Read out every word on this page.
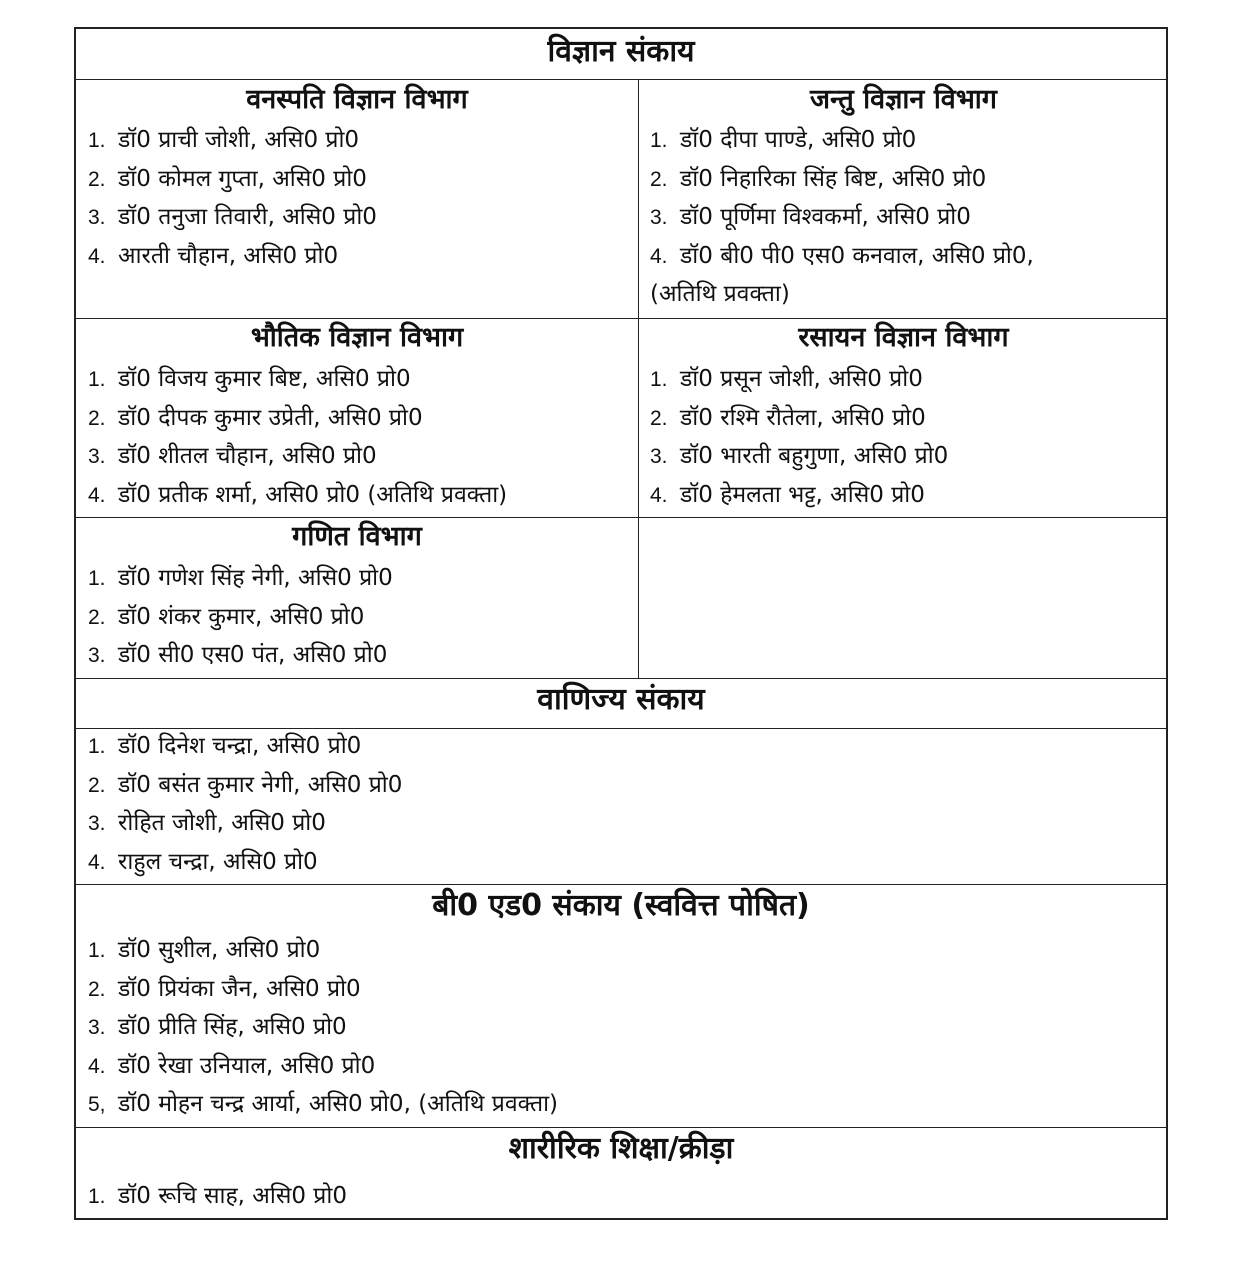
विज्ञान संकाय
वनस्पति विज्ञान विभाग
1. डॉ0 प्राची जोशी, असि0 प्रो0
2. डॉ0 कोमल गुप्ता, असि0 प्रो0
3. डॉ0 तनुजा तिवारी, असि0 प्रो0
4. आरती चौहान, असि0 प्रो0
जन्तु विज्ञान विभाग
1. डॉ0 दीपा पाण्डे, असि0 प्रो0
2. डॉ0 निहारिका सिंह बिष्ट, असि0 प्रो0
3. डॉ0 पूर्णिमा विश्वकर्मा, असि0 प्रो0
4. डॉ0 बी0 पी0 एस0 कनवाल, असि0 प्रो0,
(अतिथि प्रवक्ता)
भौतिक विज्ञान विभाग
1. डॉ0 विजय कुमार बिष्ट, असि0 प्रो0
2. डॉ0 दीपक कुमार उप्रेती, असि0 प्रो0
3. डॉ0 शीतल चौहान, असि0 प्रो0
4. डॉ0 प्रतीक शर्मा, असि0 प्रो0 (अतिथि प्रवक्ता)
रसायन विज्ञान विभाग
1. डॉ0 प्रसून जोशी, असि0 प्रो0
2. डॉ0 रश्मि रौतेला, असि0 प्रो0
3. डॉ0 भारती बहुगुणा, असि0 प्रो0
4. डॉ0 हेमलता भट्ट, असि0 प्रो0
गणित विभाग
1. डॉ0 गणेश सिंह नेगी, असि0 प्रो0
2. डॉ0 शंकर कुमार, असि0 प्रो0
3. डॉ0 सी0 एस0 पंत, असि0 प्रो0
वाणिज्य संकाय
1. डॉ0 दिनेश चन्द्रा, असि0 प्रो0
2. डॉ0 बसंत कुमार नेगी, असि0 प्रो0
3. रोहित जोशी, असि0 प्रो0
4. राहुल चन्द्रा, असि0 प्रो0
बी0 एड0 संकाय (स्ववित्त पोषित)
1. डॉ0 सुशील, असि0 प्रो0
2. डॉ0 प्रियंका जैन, असि0 प्रो0
3. डॉ0 प्रीति सिंह, असि0 प्रो0
4. डॉ0 रेखा उनियाल, असि0 प्रो0
5, डॉ0 मोहन चन्द्र आर्या, असि0 प्रो0, (अतिथि प्रवक्ता)
शारीरिक शिक्षा/क्रीड़ा
1. डॉ0 रूचि साह, असि0 प्रो0
